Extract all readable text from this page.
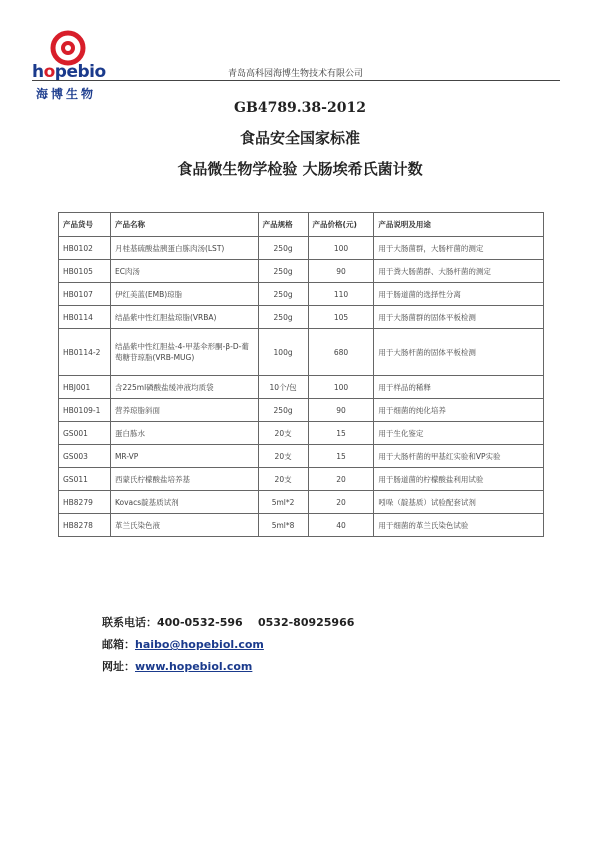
hopebio
海博生物
青岛高科园海博生物技术有限公司
GB4789.38-2012
食品安全国家标准
食品微生物学检验 大肠埃希氏菌计数
产品货号	产品名称	产品规格	产品价格(元)	产品说明及用途
HB0102	月桂基硫酸盐胰蛋白胨肉汤(LST)	250g	100	用于大肠菌群，大肠杆菌的测定
HB0105	EC肉汤	250g	90	用于粪大肠菌群、大肠杆菌的测定
HB0107	伊红美蓝(EMB)琼脂	250g	110	用于肠道菌的选择性分离
HB0114	结晶紫中性红胆盐琼脂(VRBA)	250g	105	用于大肠菌群的固体平板检测
HB0114-2	结晶紫中性红胆盐-4-甲基伞形酮-β-D-葡萄糖苷琼脂(VRB-MUG)	100g	680	用于大肠杆菌的固体平板检测
HBJ001	含225ml磷酸盐缓冲液均质袋	10个/包	100	用于样品的稀释
HB0109-1	营养琼脂斜面	250g	90	用于细菌的纯化培养
GS001	蛋白胨水	20支	15	用于生化鉴定
GS003	MR-VP	20支	15	用于大肠杆菌的甲基红实验和VP实验
GS011	西蒙氏柠檬酸盐培养基	20支	20	用于肠道菌的柠檬酸盐利用试验
HB8279	Kovacs靛基质试剂	5ml*2	20	吲哚（靛基质）试验配套试剂
HB8278	革兰氏染色液	5ml*8	40	用于细菌的革兰氏染色试验
联系电话：400-0532-596    0532-80925966
邮箱：haibo@hopebiol.com
网址：www.hopebiol.com
